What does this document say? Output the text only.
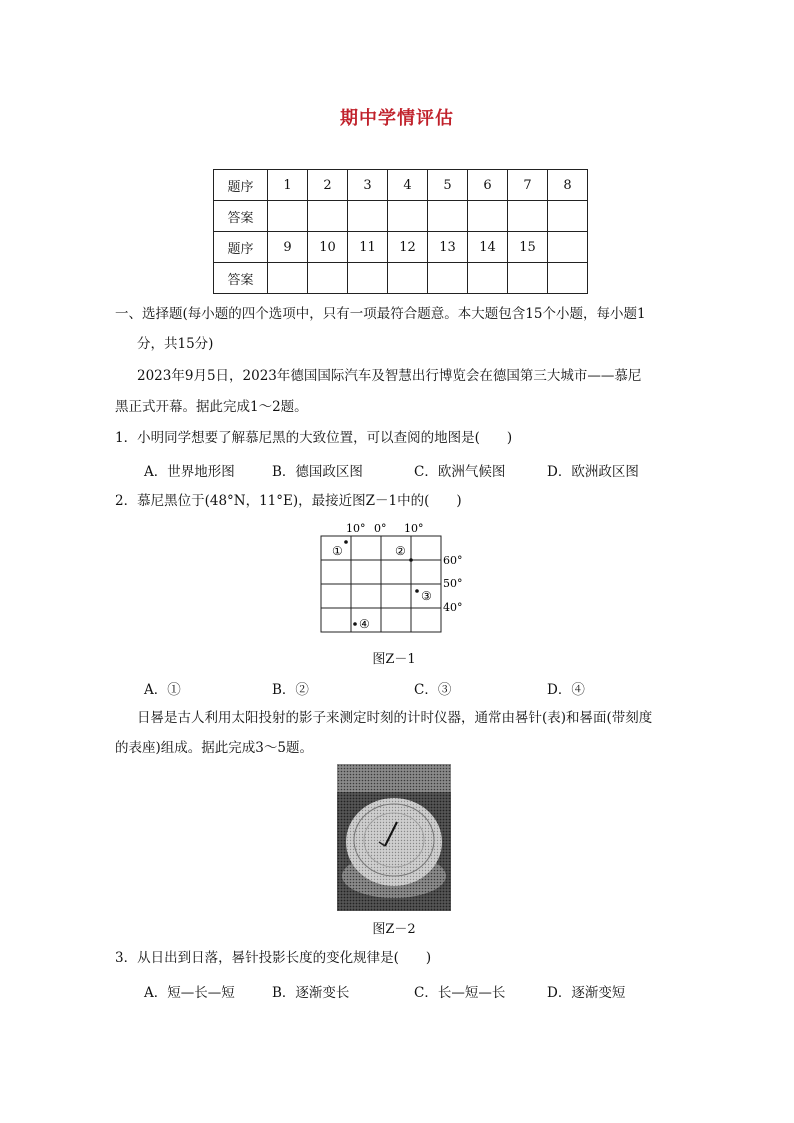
期中学情评估
题序	1	2	3	4	5	6	7	8
答案								
题序	9	10	11	12	13	14	15	
答案								
一、选择题(每小题的四个选项中，只有一项最符合题意。本大题包含15个小题，每小题1
分，共15分)
2023年9月5日，2023年德国国际汽车及智慧出行博览会在德国第三大城市——慕尼
黑正式开幕。据此完成1～2题。
1．小明同学想要了解慕尼黑的大致位置，可以查阅的地图是(　　)
A．世界地形图	B．德国政区图	C．欧洲气候图	D．欧洲政区图
2．慕尼黑位于(48°N，11°E)，最接近图Z－1中的(　　)
10° 0° 10°
60°
50°
40°
①	②
③
④
图Z－1
A．①	B．②	C．③	D．④
日晷是古人利用太阳投射的影子来测定时刻的计时仪器，通常由晷针(表)和晷面(带刻度
的表座)组成。据此完成3～5题。
图Z－2
3．从日出到日落，晷针投影长度的变化规律是(　　)
A．短—长—短	B．逐渐变长	C．长—短—长	D．逐渐变短
